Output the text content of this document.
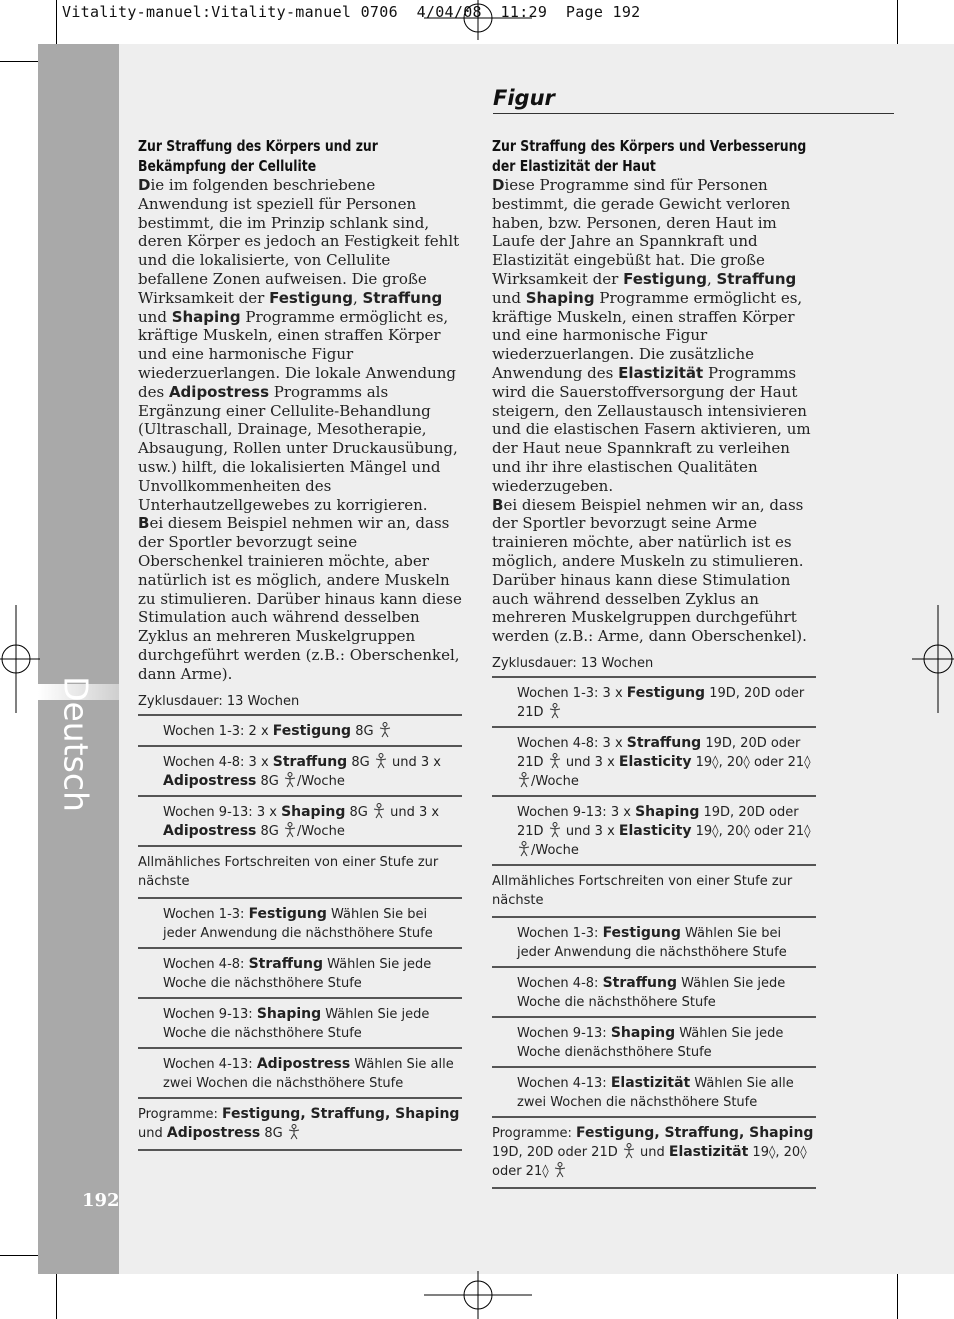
Vitality-manuel:Vitality-manuel 0706  4/04/08  11:29  Page 192
Deutsch
192
Figur
Zur Straffung des Körpers und zur Bekämpfung der Cellulite
Die im folgenden beschriebene Anwendung ist speziell für Personen bestimmt, die im Prinzip schlank sind, deren Körper es jedoch an Festigkeit fehlt und die lokalisierte, von Cellulite befallene Zonen aufweisen. Die große Wirksamkeit der Festigung, Straffung und Shaping Programme ermöglicht es, kräftige Muskeln, einen straffen Körper und eine harmonische Figur wiederzuerlangen. Die lokale Anwendung des Adipostress Programms als Ergänzung einer Cellulite-Behandlung (Ultraschall, Drainage, Mesotherapie, Absaugung, Rollen unter Druckausübung, usw.) hilft, die lokalisierten Mängel und Unvollkommenheiten des Unterhautzellgewebes zu korrigieren.
Bei diesem Beispiel nehmen wir an, dass der Sportler bevorzugt seine Oberschenkel trainieren möchte, aber natürlich ist es möglich, andere Muskeln zu stimulieren. Darüber hinaus kann diese Stimulation auch während desselben Zyklus an mehreren Muskelgruppen durchgeführt werden (z.B.: Oberschenkel, dann Arme).
Zyklusdauer: 13 Wochen
Wochen 1-3: 2 x Festigung 8G
Wochen 4-8: 3 x Straffung 8G  und 3 x
Adipostress 8G /Woche
Wochen 9-13: 3 x Shaping 8G  und 3 x
Adipostress 8G /Woche
Allmähliches Fortschreiten von einer Stufe zur nächste
Wochen 1-3: Festigung Wählen Sie bei jeder Anwendung die nächsthöhere Stufe
Wochen 4-8: Straffung Wählen Sie jede Woche die nächsthöhere Stufe
Wochen 9-13: Shaping Wählen Sie jede Woche die nächsthöhere Stufe
Wochen 4-13: Adipostress Wählen Sie alle zwei Wochen die nächsthöhere Stufe
Programme: Festigung, Straffung, Shaping und Adipostress 8G
Zur Straffung des Körpers und Verbesserung der Elastizität der Haut
Diese Programme sind für Personen bestimmt, die gerade Gewicht verloren haben, bzw. Personen, deren Haut im Laufe der Jahre an Spannkraft und Elastizität eingebüßt hat. Die große Wirksamkeit der Festigung, Straffung und Shaping Programme ermöglicht es, kräftige Muskeln, einen straffen Körper und eine harmonische Figur wiederzuerlangen. Die zusätzliche Anwendung des Elastizität Programms wird die Sauerstoffversorgung der Haut steigern, den Zellaustausch intensivieren und die elastischen Fasern aktivieren, um der Haut neue Spannkraft zu verleihen und ihr ihre elastischen Qualitäten wiederzugeben.
Bei diesem Beispiel nehmen wir an, dass der Sportler bevorzugt seine Arme trainieren möchte, aber natürlich ist es möglich, andere Muskeln zu stimulieren. Darüber hinaus kann diese Stimulation auch während desselben Zyklus an mehreren Muskelgruppen durchgeführt werden (z.B.: Arme, dann Oberschenkel).
Zyklusdauer: 13 Wochen
Wochen 1-3: 3 x Festigung 19D, 20D oder 21D
Wochen 4-8: 3 x Straffung 19D, 20D oder 21D  und 3 x Elasticity 19◊, 20◊ oder 21◊ /Woche
Wochen 9-13: 3 x Shaping 19D, 20D oder 21D  und 3 x Elasticity 19◊, 20◊ oder 21◊ /Woche
Allmähliches Fortschreiten von einer Stufe zur nächste
Wochen 1-3: Festigung Wählen Sie bei jeder Anwendung die nächsthöhere Stufe
Wochen 4-8: Straffung Wählen Sie jede Woche die nächsthöhere Stufe
Wochen 9-13: Shaping Wählen Sie jede Woche dienächsthöhere Stufe
Wochen 4-13: Elastizität Wählen Sie alle zwei Wochen die nächsthöhere Stufe
Programme: Festigung, Straffung, Shaping 19D, 20D oder 21D  und Elastizität 19◊, 20◊ oder 21◊
